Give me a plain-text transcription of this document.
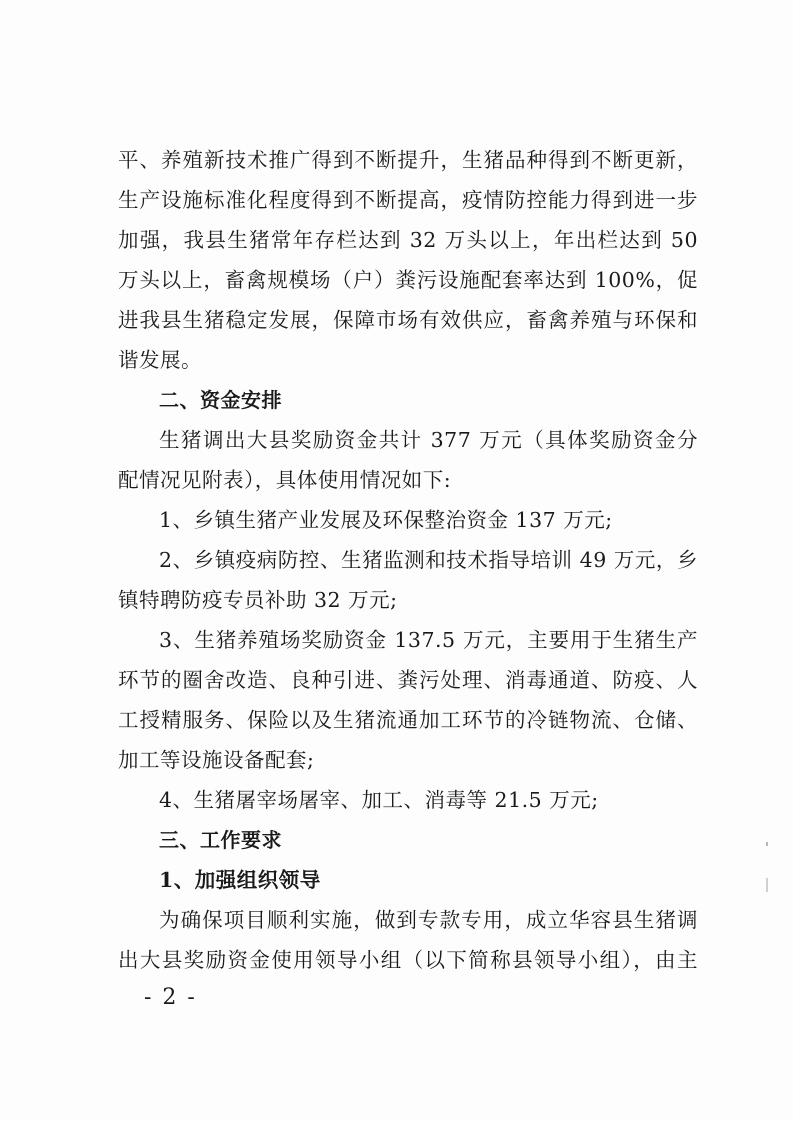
平、养殖新技术推广得到不断提升，生猪品种得到不断更新，
生产设施标准化程度得到不断提高，疫情防控能力得到进一步
加强，我县生猪常年存栏达到 32 万头以上，年出栏达到 50
万头以上，畜禽规模场（户）粪污设施配套率达到 100%，促
进我县生猪稳定发展，保障市场有效供应，畜禽养殖与环保和
谐发展。
二、资金安排
生猪调出大县奖励资金共计 377 万元（具体奖励资金分
配情况见附表），具体使用情况如下:
1、乡镇生猪产业发展及环保整治资金 137 万元;
2、乡镇疫病防控、生猪监测和技术指导培训 49 万元，乡
镇特聘防疫专员补助 32 万元;
3、生猪养殖场奖励资金 137.5 万元，主要用于生猪生产
环节的圈舍改造、良种引进、粪污处理、消毒通道、防疫、人
工授精服务、保险以及生猪流通加工环节的冷链物流、仓储、
加工等设施设备配套;
4、生猪屠宰场屠宰、加工、消毒等 21.5 万元;
三、工作要求
1、加强组织领导
为确保项目顺利实施，做到专款专用，成立华容县生猪调
出大县奖励资金使用领导小组（以下简称县领导小组），由主
- 2 -
